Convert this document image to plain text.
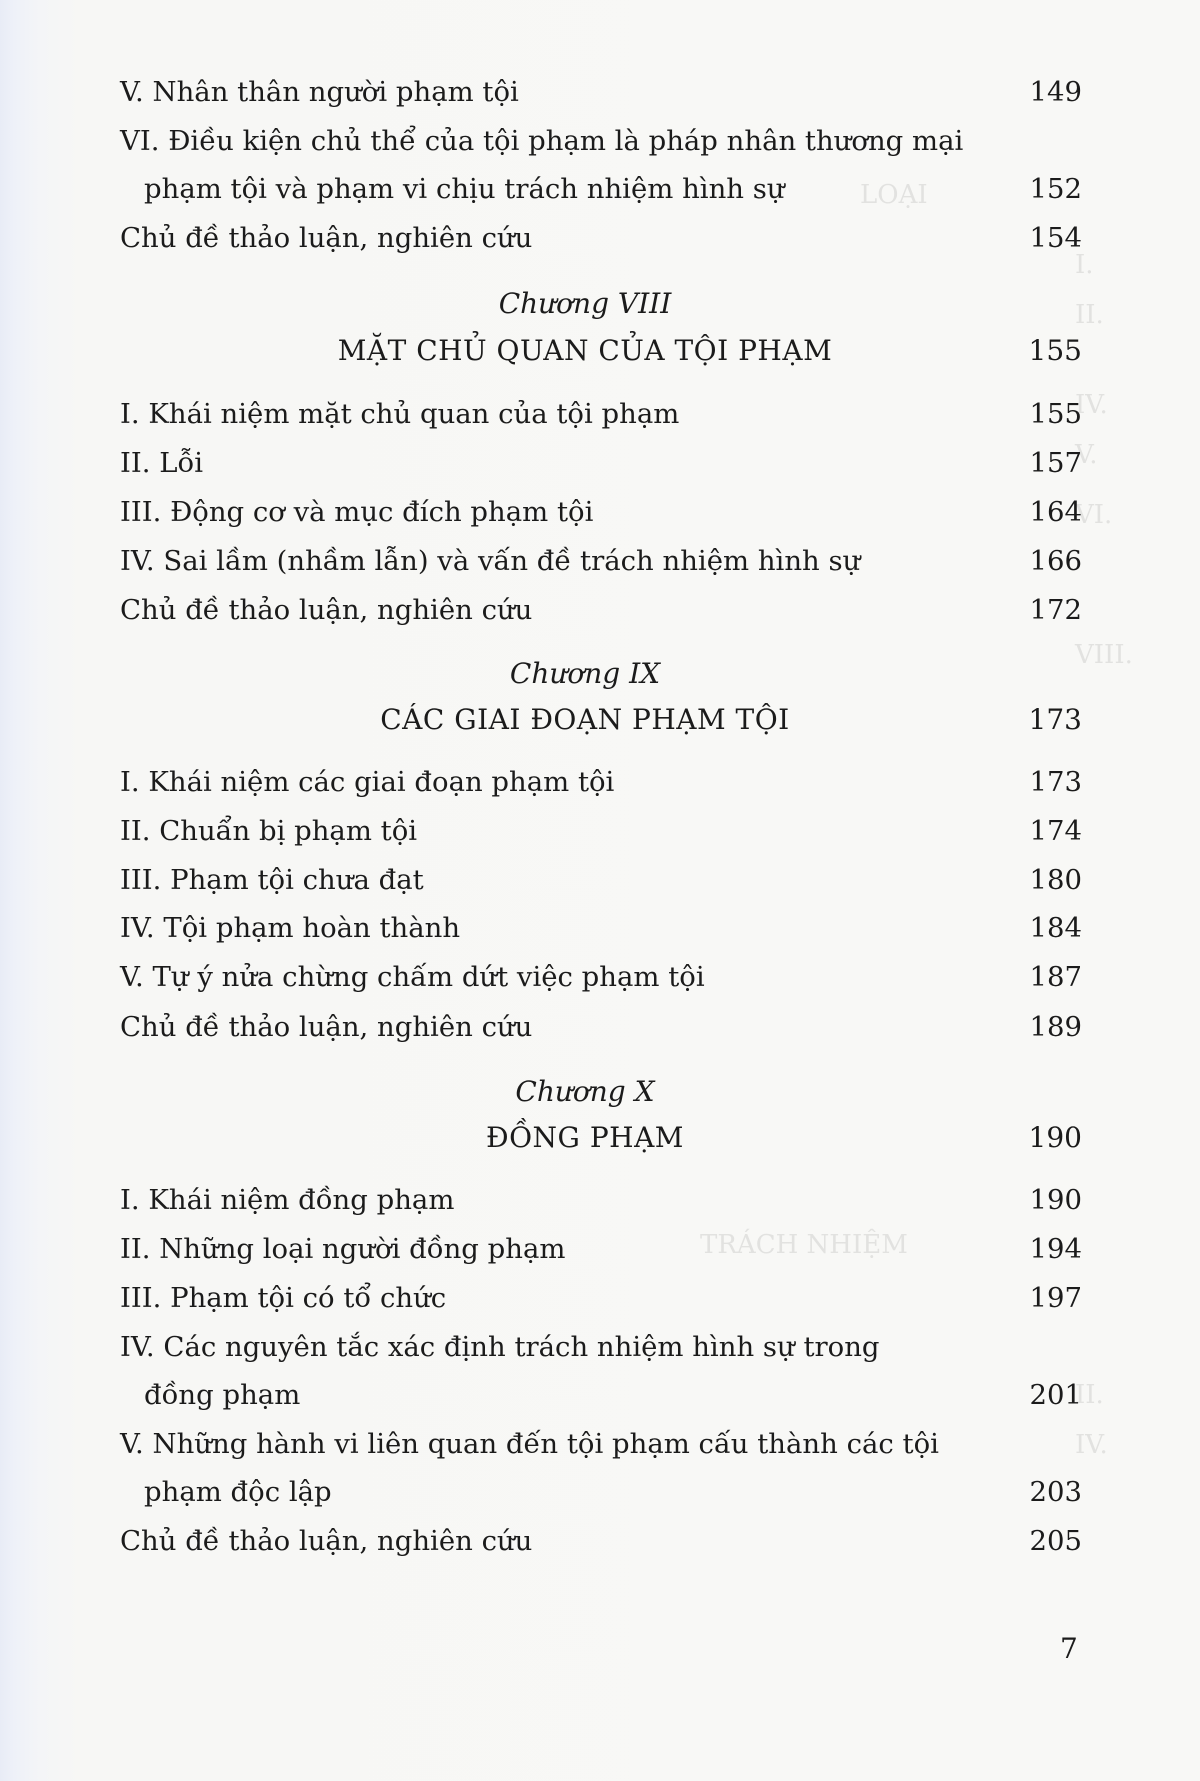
V. Nhân thân người phạm tội	149
VI. Điều kiện chủ thể của tội phạm là pháp nhân thương mại
phạm tội và phạm vi chịu trách nhiệm hình sự	152
Chủ đề thảo luận, nghiên cứu	154
Chương VIII
MẶT CHỦ QUAN CỦA TỘI PHẠM	155
I. Khái niệm mặt chủ quan của tội phạm	155
II. Lỗi	157
III. Động cơ và mục đích phạm tội	164
IV. Sai lầm (nhầm lẫn) và vấn đề trách nhiệm hình sự	166
Chủ đề thảo luận, nghiên cứu	172
Chương IX
CÁC GIAI ĐOẠN PHẠM TỘI	173
I. Khái niệm các giai đoạn phạm tội	173
II. Chuẩn bị phạm tội	174
III. Phạm tội chưa đạt	180
IV. Tội phạm hoàn thành	184
V. Tự ý nửa chừng chấm dứt việc phạm tội	187
Chủ đề thảo luận, nghiên cứu	189
Chương X
ĐỒNG PHẠM	190
I. Khái niệm đồng phạm	190
II. Những loại người đồng phạm	194
III. Phạm tội có tổ chức	197
IV. Các nguyên tắc xác định trách nhiệm hình sự trong
đồng phạm	201
V. Những hành vi liên quan đến tội phạm cấu thành các tội
phạm độc lập	203
Chủ đề thảo luận, nghiên cứu	205
7
